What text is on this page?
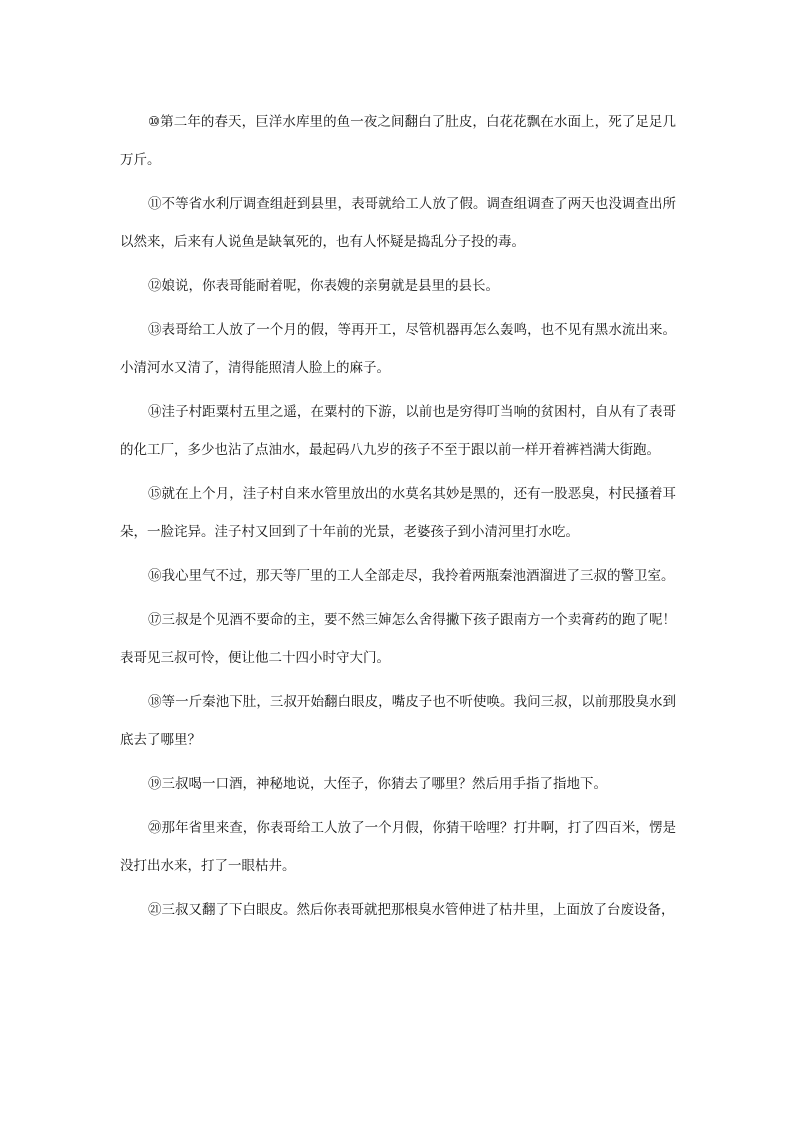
⑩第二年的春天，巨洋水库里的鱼一夜之间翻白了肚皮，白花花飘在水面上，死了足足几万斤。

⑪不等省水利厅调查组赶到县里，表哥就给工人放了假。调查组调查了两天也没调查出所以然来，后来有人说鱼是缺氧死的，也有人怀疑是捣乱分子投的毒。

⑫娘说，你表哥能耐着呢，你表嫂的亲舅就是县里的县长。

⑬表哥给工人放了一个月的假，等再开工，尽管机器再怎么轰鸣，也不见有黑水流出来。小清河水又清了，清得能照清人脸上的麻子。

⑭洼子村距粟村五里之遥，在粟村的下游，以前也是穷得叮当响的贫困村，自从有了表哥的化工厂，多少也沾了点油水，最起码八九岁的孩子不至于跟以前一样开着裤裆满大街跑。

⑮就在上个月，洼子村自来水管里放出的水莫名其妙是黑的，还有一股恶臭，村民搔着耳朵，一脸诧异。洼子村又回到了十年前的光景，老婆孩子到小清河里打水吃。

⑯我心里气不过，那天等厂里的工人全部走尽，我拎着两瓶秦池酒溜进了三叔的警卫室。

⑰三叔是个见酒不要命的主，要不然三婶怎么舍得撇下孩子跟南方一个卖膏药的跑了呢！表哥见三叔可怜，便让他二十四小时守大门。

⑱等一斤秦池下肚，三叔开始翻白眼皮，嘴皮子也不听使唤。我问三叔，以前那股臭水到底去了哪里？

⑲三叔喝一口酒，神秘地说，大侄子，你猜去了哪里？然后用手指了指地下。

⑳那年省里来查，你表哥给工人放了一个月假，你猜干啥哩？打井啊，打了四百米，愣是没打出水来，打了一眼枯井。

㉑三叔又翻了下白眼皮。然后你表哥就把那根臭水管伸进了枯井里，上面放了台废设备，
